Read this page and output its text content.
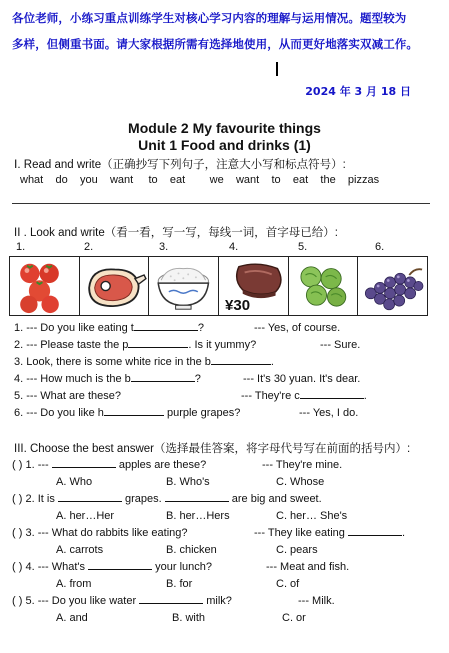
各位老师，小练习重点训练学生对核心学习内容的理解与运用情况。题型较为
多样，但侧重书面。请大家根据所需有选择地使用，从而更好地落实双减工作。
2024 年 3 月 18 日
Module 2 My favourite things
Unit 1 Food and drinks (1)
Ⅰ. Read and write（正确抄写下列句子，注意大小写和标点符号）:
what do you want to eat we want to eat the pizzas
II . Look and write（看一看，写一写，每线一词，首字母已给）:
1.	2.	3.	4.	5.	6.
¥30
1. --- Do you like eating t	?	--- Yes, of course.
2. --- Please taste the p	. Is it yummy?	--- Sure.
3. Look, there is some white rice in the b	.
4. --- How much is the b	?	--- It's 30 yuan. It's dear.
5. --- What are these?	--- They're c	.
6. --- Do you like h	purple grapes?	--- Yes, I do.
III. Choose the best answer（选择最佳答案，将字母代号写在前面的括号内）:
( ) 1. ---	apples are these?	--- They're mine.
A. Who	B. Who's	C. Whose
( ) 2. It is	grapes.	are big and sweet.
A. her…Her	B. her…Hers	C. her… She's
( ) 3. --- What do rabbits like eating?	--- They like eating	.
A. carrots	B. chicken	C. pears
( ) 4. --- What's	your lunch?	--- Meat and fish.
A. from	B. for	C. of
( ) 5. --- Do you like water	milk?	--- Milk.
A. and	B. with	C. or
